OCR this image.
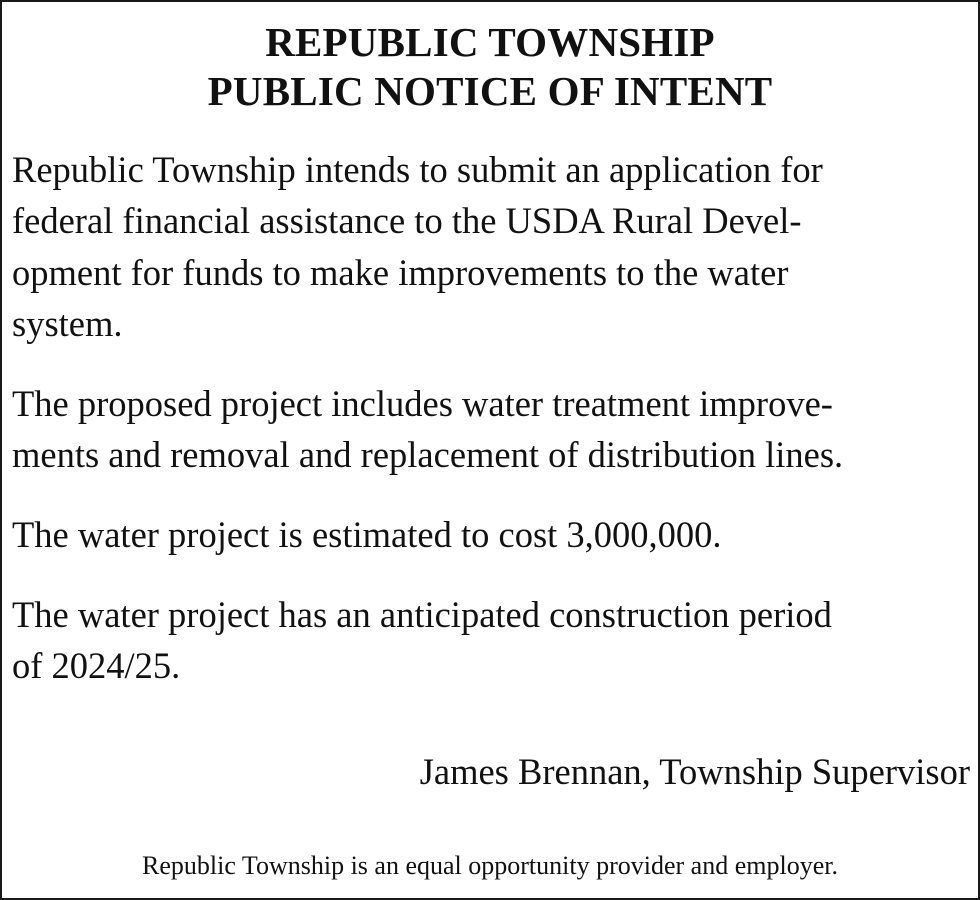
REPUBLIC TOWNSHIP
PUBLIC NOTICE OF INTENT
Republic Township intends to submit an application for
federal financial assistance to the USDA Rural Devel-
opment for funds to make improvements to the water
system.
The proposed project includes water treatment improve-
ments and removal and replacement of distribution lines.
The water project is estimated to cost 3,000,000.
The water project has an anticipated construction period
of 2024/25.
James Brennan, Township Supervisor
Republic Township is an equal opportunity provider and employer.
